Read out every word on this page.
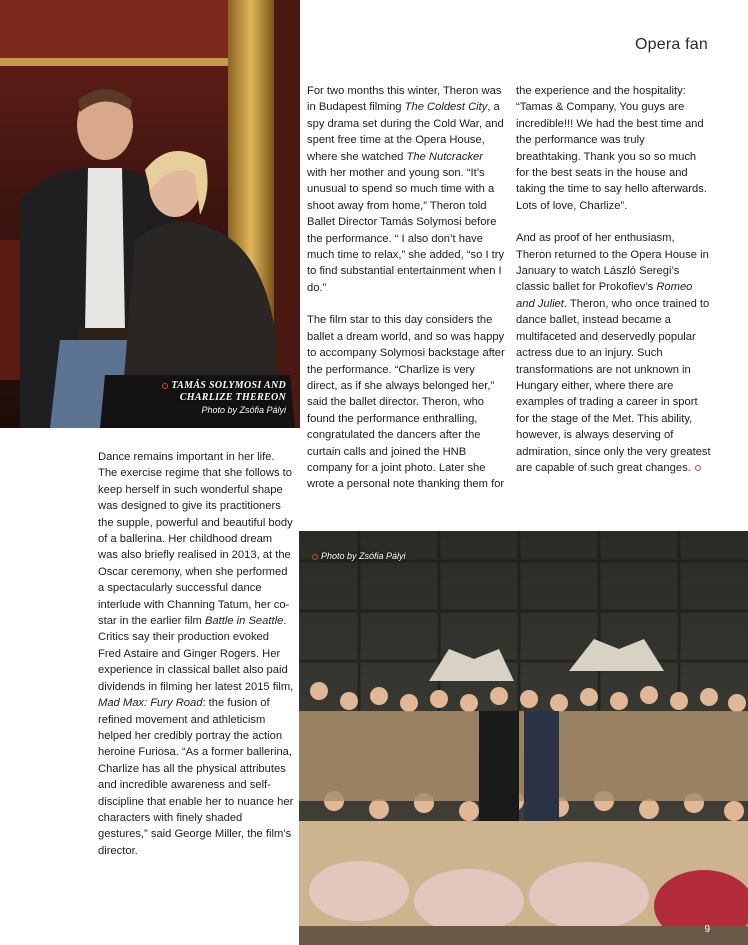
TAMÁS SOLYMOSI AND
CHARLIZE THEREON
Photo by Zsófia Pályi
Opera fan

For two months this winter, Theron was in Budapest filming The Coldest City, a spy drama set during the Cold War, and spent free time at the Opera House, where she watched The Nutcracker with her mother and young son. “It’s unusual to spend so much time with a shoot away from home,” Theron told Ballet Director Tamás Solymosi before the performance. “ I also don’t have much time to relax,” she added, “so I try to find substantial entertainment when I do.”

The film star to this day considers the ballet a dream world, and so was happy to accompany Solymosi backstage after the performance. “Charlize is very direct, as if she always belonged her,” said the ballet director. Theron, who found the performance enthralling, congratulated the dancers after the curtain calls and joined the HNB company for a joint photo. Later she wrote a personal note thanking them for

the experience and the hospitality: “Tamas & Company, You guys are incredible!!! We had the best time and the performance was truly breathtaking. Thank you so so much for the best seats in the house and taking the time to say hello afterwards. Lots of love, Charlize”.

And as proof of her enthusiasm, Theron returned to the Opera House in January to watch László Seregi’s classic ballet for Prokofiev’s Romeo and Juliet. Theron, who once trained to dance ballet, instead became a multifaceted and deservedly popular actress due to an injury. Such transformations are not unknown in Hungary either, where there are examples of trading a career in sport for the stage of the Met. This ability, however, is always deserving of admiration, since only the very greatest are capable of such great changes.

Dance remains important in her life. The exercise regime that she follows to keep herself in such wonderful shape was designed to give its practitioners the supple, powerful and beautiful body of a ballerina. Her childhood dream was also briefly realised in 2013, at the Oscar ceremony, when she performed a spectacularly successful dance interlude with Channing Tatum, her co-star in the earlier film Battle in Seattle. Critics say their production evoked Fred Astaire and Ginger Rogers. Her experience in classical ballet also paid dividends in filming her latest 2015 film, Mad Max: Fury Road: the fusion of refined movement and athleticism helped her credibly portray the action heroine Furiosa. “As a former ballerina, Charlize has all the physical attributes and incredible awareness and self-discipline that enable her to nuance her characters with finely shaded gestures,” said George Miller, the film’s director.

Photo by Zsófia Pályi
9
